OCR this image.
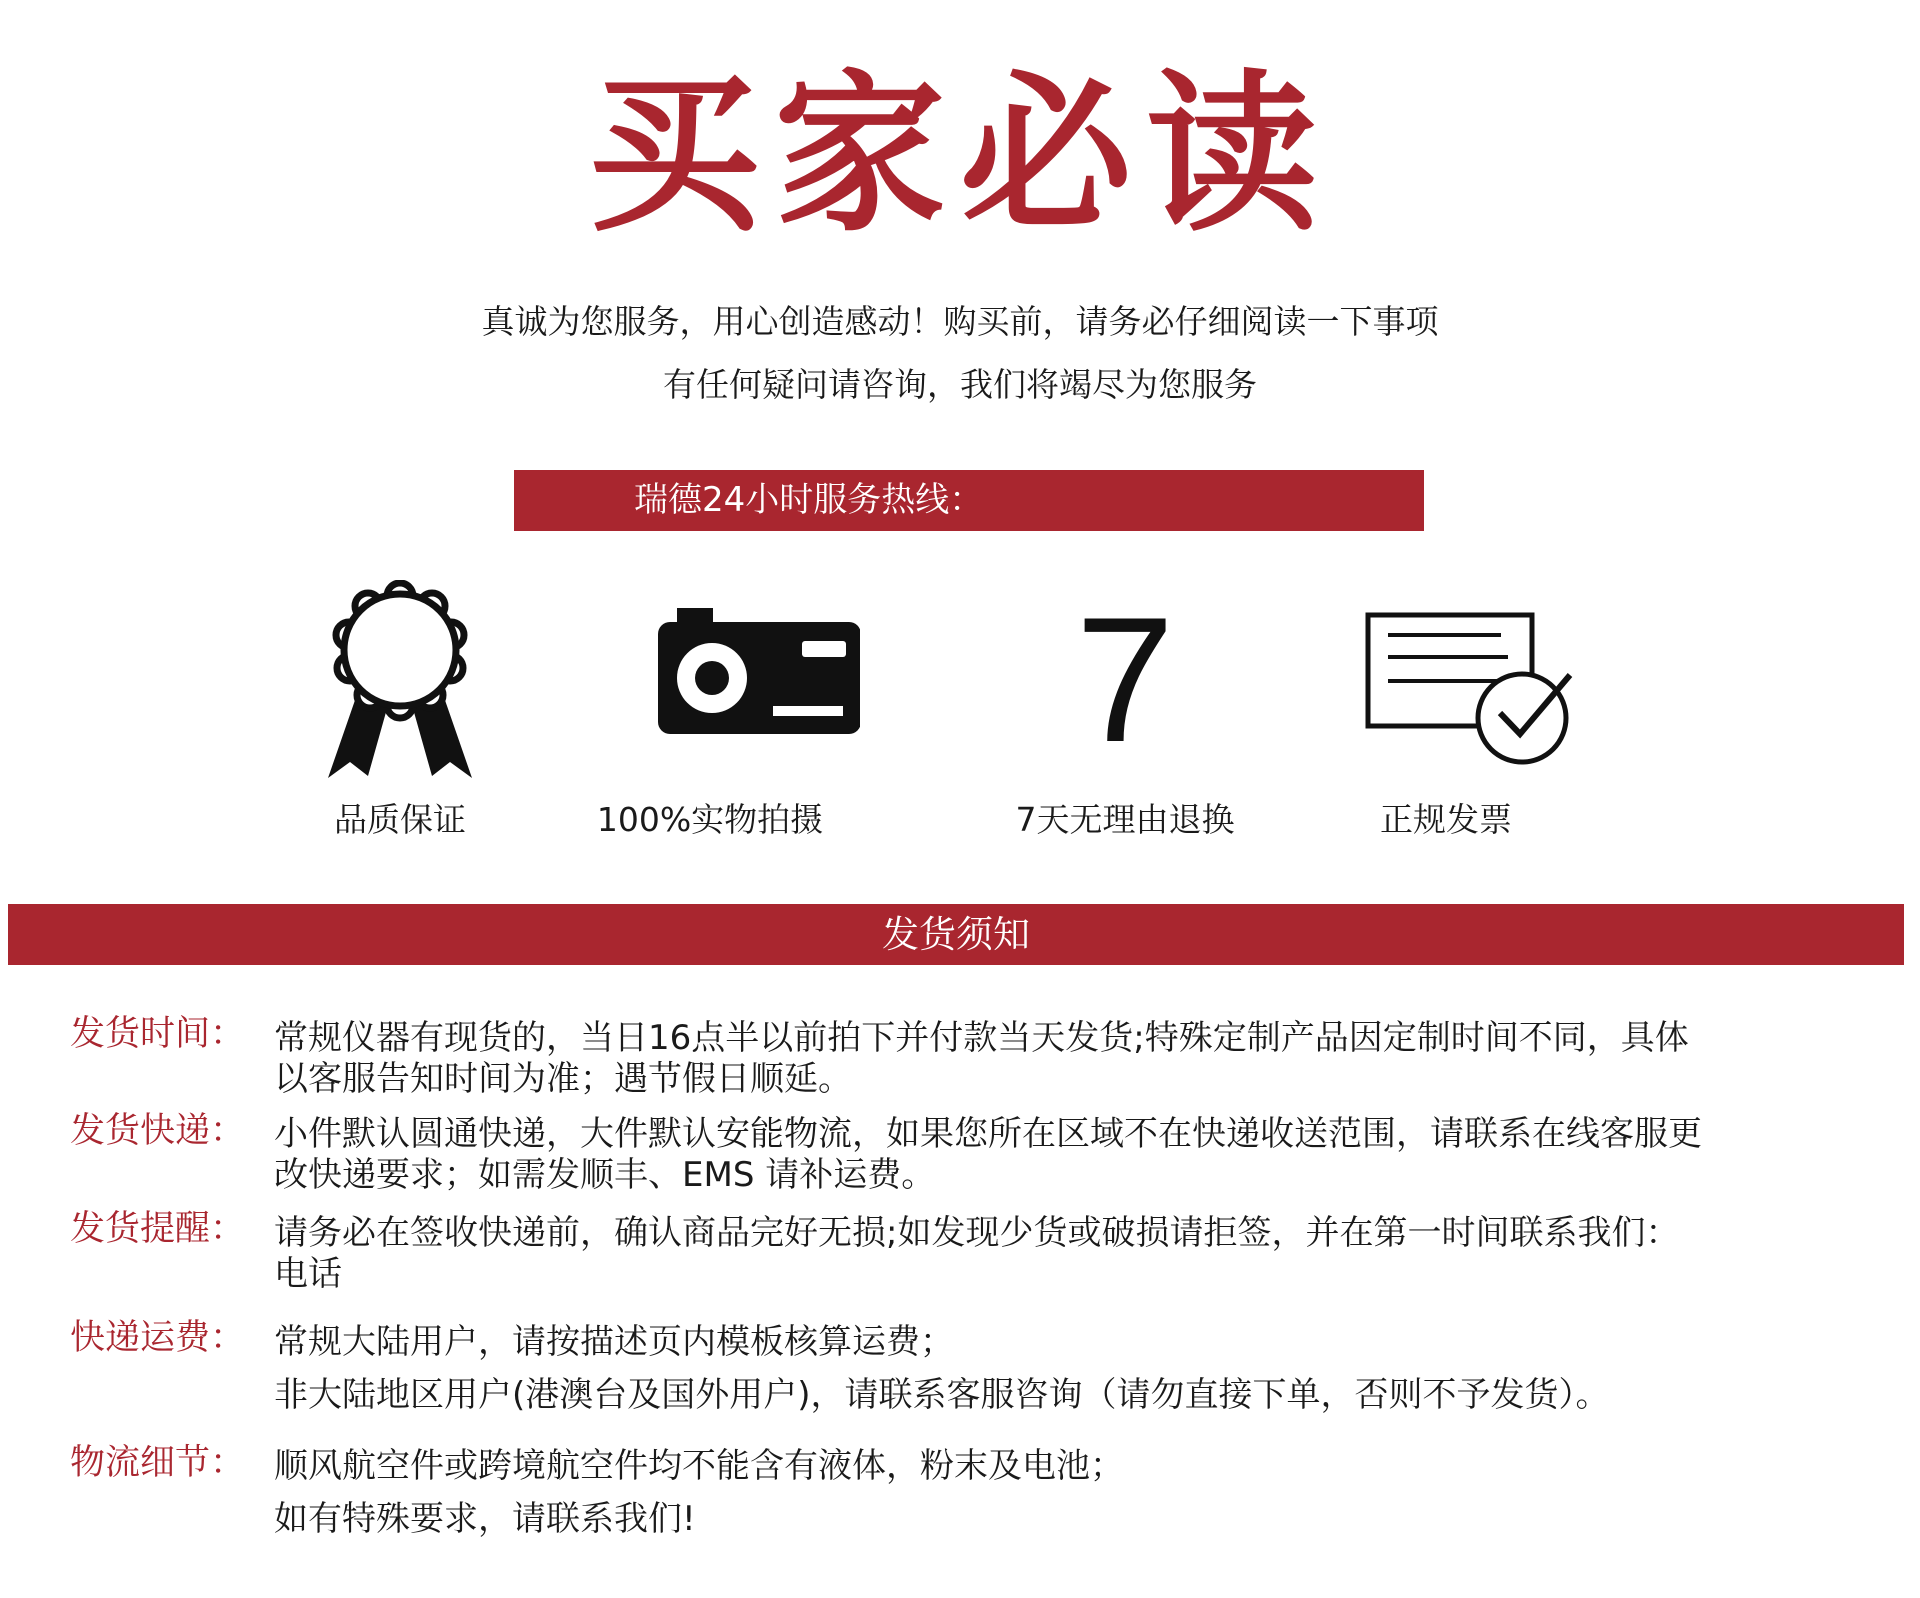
买家必读
真诚为您服务，用心创造感动！购买前，请务必仔细阅读一下事项
有任何疑问请咨询，我们将竭尽为您服务
瑞德24小时服务热线：
品质保证	100%实物拍摄
7
7天无理由退换	正规发票
发货须知
发货时间： 常规仪器有现货的，当日16点半以前拍下并付款当天发货;特殊定制产品因定制时间不同，具体
以客服告知时间为准；遇节假日顺延。
发货快递： 小件默认圆通快递，大件默认安能物流，如果您所在区域不在快递收送范围，请联系在线客服更
改快递要求；如需发顺丰、EMS 请补运费。
发货提醒： 请务必在签收快递前，确认商品完好无损;如发现少货或破损请拒签，并在第一时间联系我们：
电话
快递运费： 常规大陆用户，请按描述页内模板核算运费；
非大陆地区用户(港澳台及国外用户)，请联系客服咨询（请勿直接下单，否则不予发货）。
物流细节： 顺风航空件或跨境航空件均不能含有液体，粉末及电池；
如有特殊要求，请联系我们!
